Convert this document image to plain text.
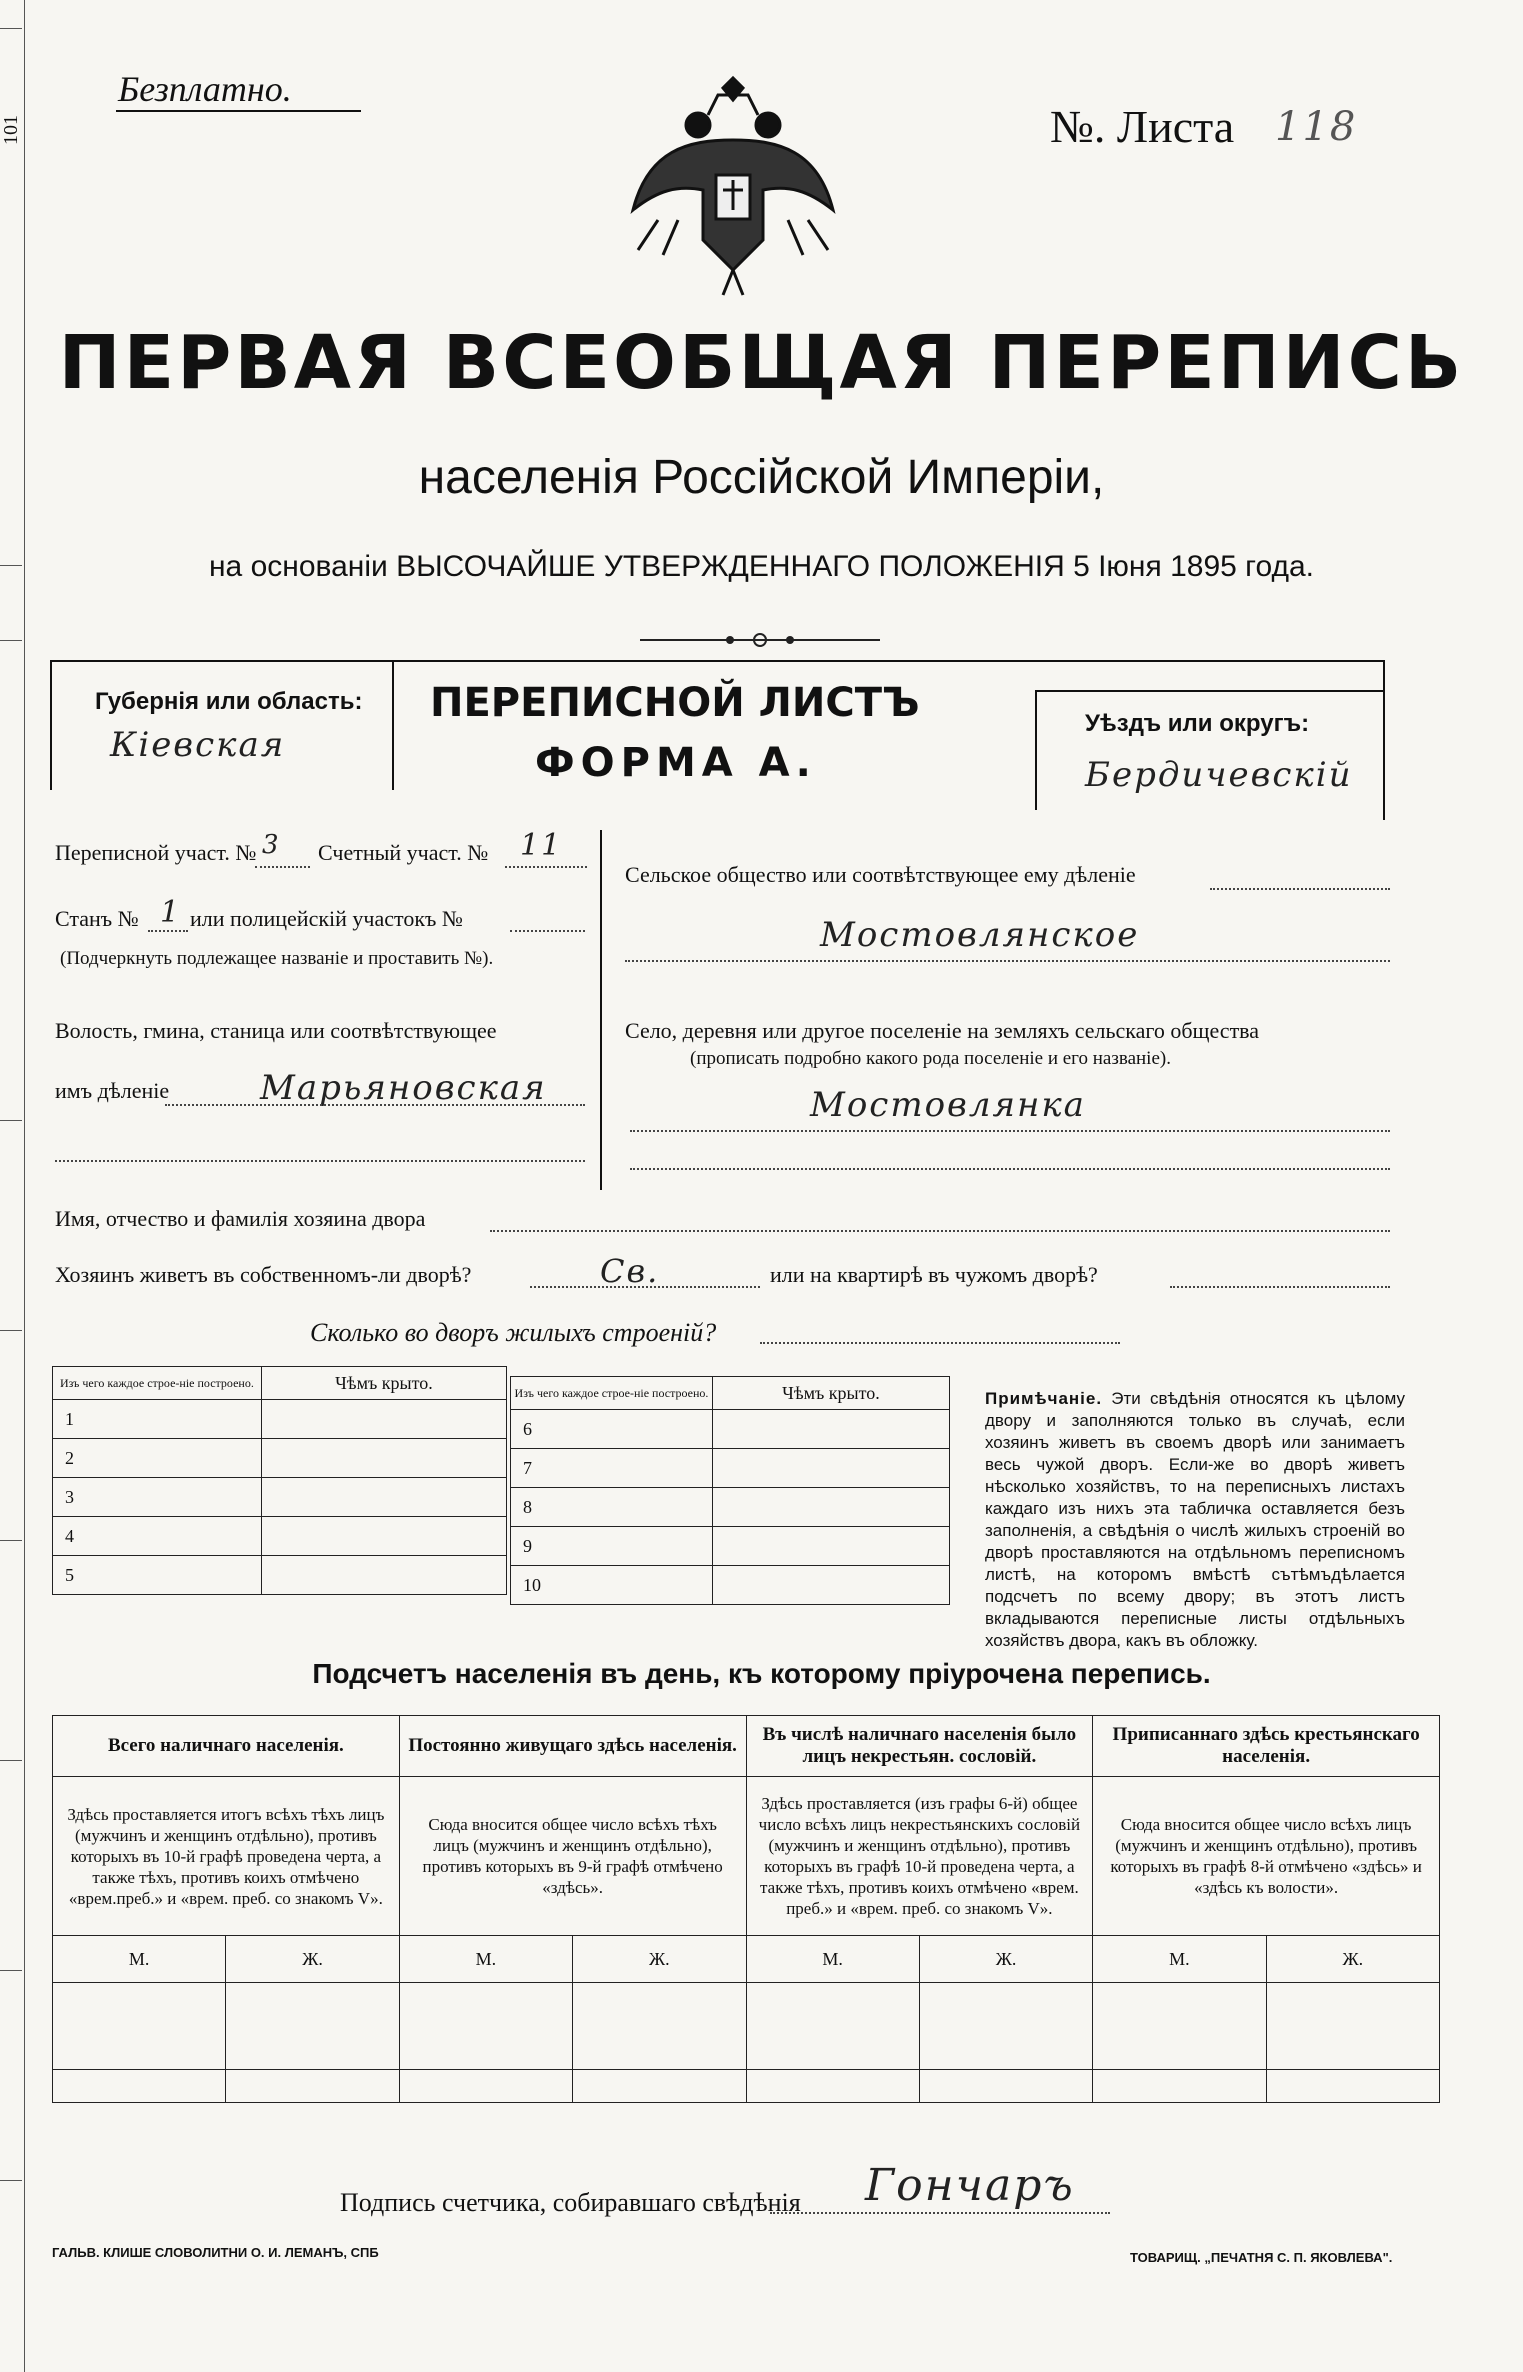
101
Безплатно.
№. Листа 118
ПЕРВАЯ ВСЕОБЩАЯ ПЕРЕПИСЬ
населенія Россійской Имперіи,
на основаніи ВЫСОЧАЙШЕ УТВЕРЖДЕННАГО ПОЛОЖЕНІЯ 5 Іюня 1895 года.
Губернія или область:
Кіевская
ПЕРЕПИСНОЙ ЛИСТЪ
ФОРМА А.
Уѣздъ или округъ:
Бердичевскій
Переписной участ. № 3 Счетный участ. № 11
Станъ № 1 или полицейскій участокъ №
(Подчеркнуть подлежащее названіе и проставить №).
Волость, гмина, станица или соотвѣтствующее
имъ дѣленіе	Марьяновская
Сельское общество или соотвѣтствующее ему дѣленіе
Мостовлянское
Село, деревня или другое поселеніе на земляхъ сельскаго общества
(прописать подробно какого рода поселеніе и его названіе).
Мостовлянка
Имя, отчество и фамилія хозяина двора
Хозяинъ живетъ въ собственномъ-ли дворѣ?	Св.	или на квартирѣ въ чужомъ дворѣ?
Сколько во дворъ жилыхъ строеній?
Изъ чего каждое строе-ніе построено.	Чѣмъ крыто.
1	
2	
3	
4	
5	
Изъ чего каждое строе-ніе построено.	Чѣмъ крыто.
6	
7	
8	
9	
10	
Примѣчаніе. Эти свѣдѣнія относятся къ цѣлому двору и заполняются только въ случаѣ, если хозяинъ живетъ въ своемъ дворѣ или занимаетъ весь чужой дворъ. Если-же во дворѣ живетъ нѣсколько хозяйствъ, то на переписныхъ листахъ каждаго изъ нихъ эта табличка оставляется безъ заполненія, а свѣдѣнія о числѣ жилыхъ строеній во дворѣ проставляются на отдѣльномъ переписномъ листѣ, на которомъ вмѣстѣ сътѣмъдѣлается подсчетъ по всему двору; въ этотъ листъ вкладываются переписные листы отдѣльныхъ хозяйствъ двора, какъ въ обложку.
Подсчетъ населенія въ день, къ которому пріурочена перепись.
Всего наличнаго населенія.		Постоянно живущаго здѣсь населенія.		Въ числѣ наличнаго населенія было лицъ некрестьян. сословій.		Приписаннаго здѣсь крестьянскаго населенія.	
Здѣсь проставляется итогъ всѣхъ тѣхъ лицъ (мужчинъ и женщинъ отдѣльно), противъ которыхъ въ 10-й графѣ проведена черта, а также тѣхъ, противъ коихъ отмѣчено «врем.преб.» и «врем. преб. со знакомъ V».		Сюда вносится общее число всѣхъ тѣхъ лицъ (мужчинъ и женщинъ отдѣльно), противъ которыхъ въ 9-й графѣ отмѣчено «здѣсь».		Здѣсь проставляется (изъ графы 6-й) общее число всѣхъ лицъ некрестьянскихъ сословій (мужчинъ и женщинъ отдѣльно), противъ которыхъ въ графѣ 10-й проведена черта, а также тѣхъ, противъ коихъ отмѣчено «врем. преб.» и «врем. преб. со знакомъ V».		Сюда вносится общее число всѣхъ лицъ (мужчинъ и женщинъ отдѣльно), противъ которыхъ въ графѣ 8-й отмѣчено «здѣсь» и «здѣсь къ волости».	
М.	Ж.	М.	Ж.	М.	Ж.	М.	Ж.

Подпись счетчика, собиравшаго свѣдѣнія Гончаръ
ГАЛЬВ. КЛИШЕ СЛОВОЛИТНИ О. И. ЛЕМАНЪ, СПБ	ТОВАРИЩ. „ПЕЧАТНЯ С. П. ЯКОВЛЕВА".
